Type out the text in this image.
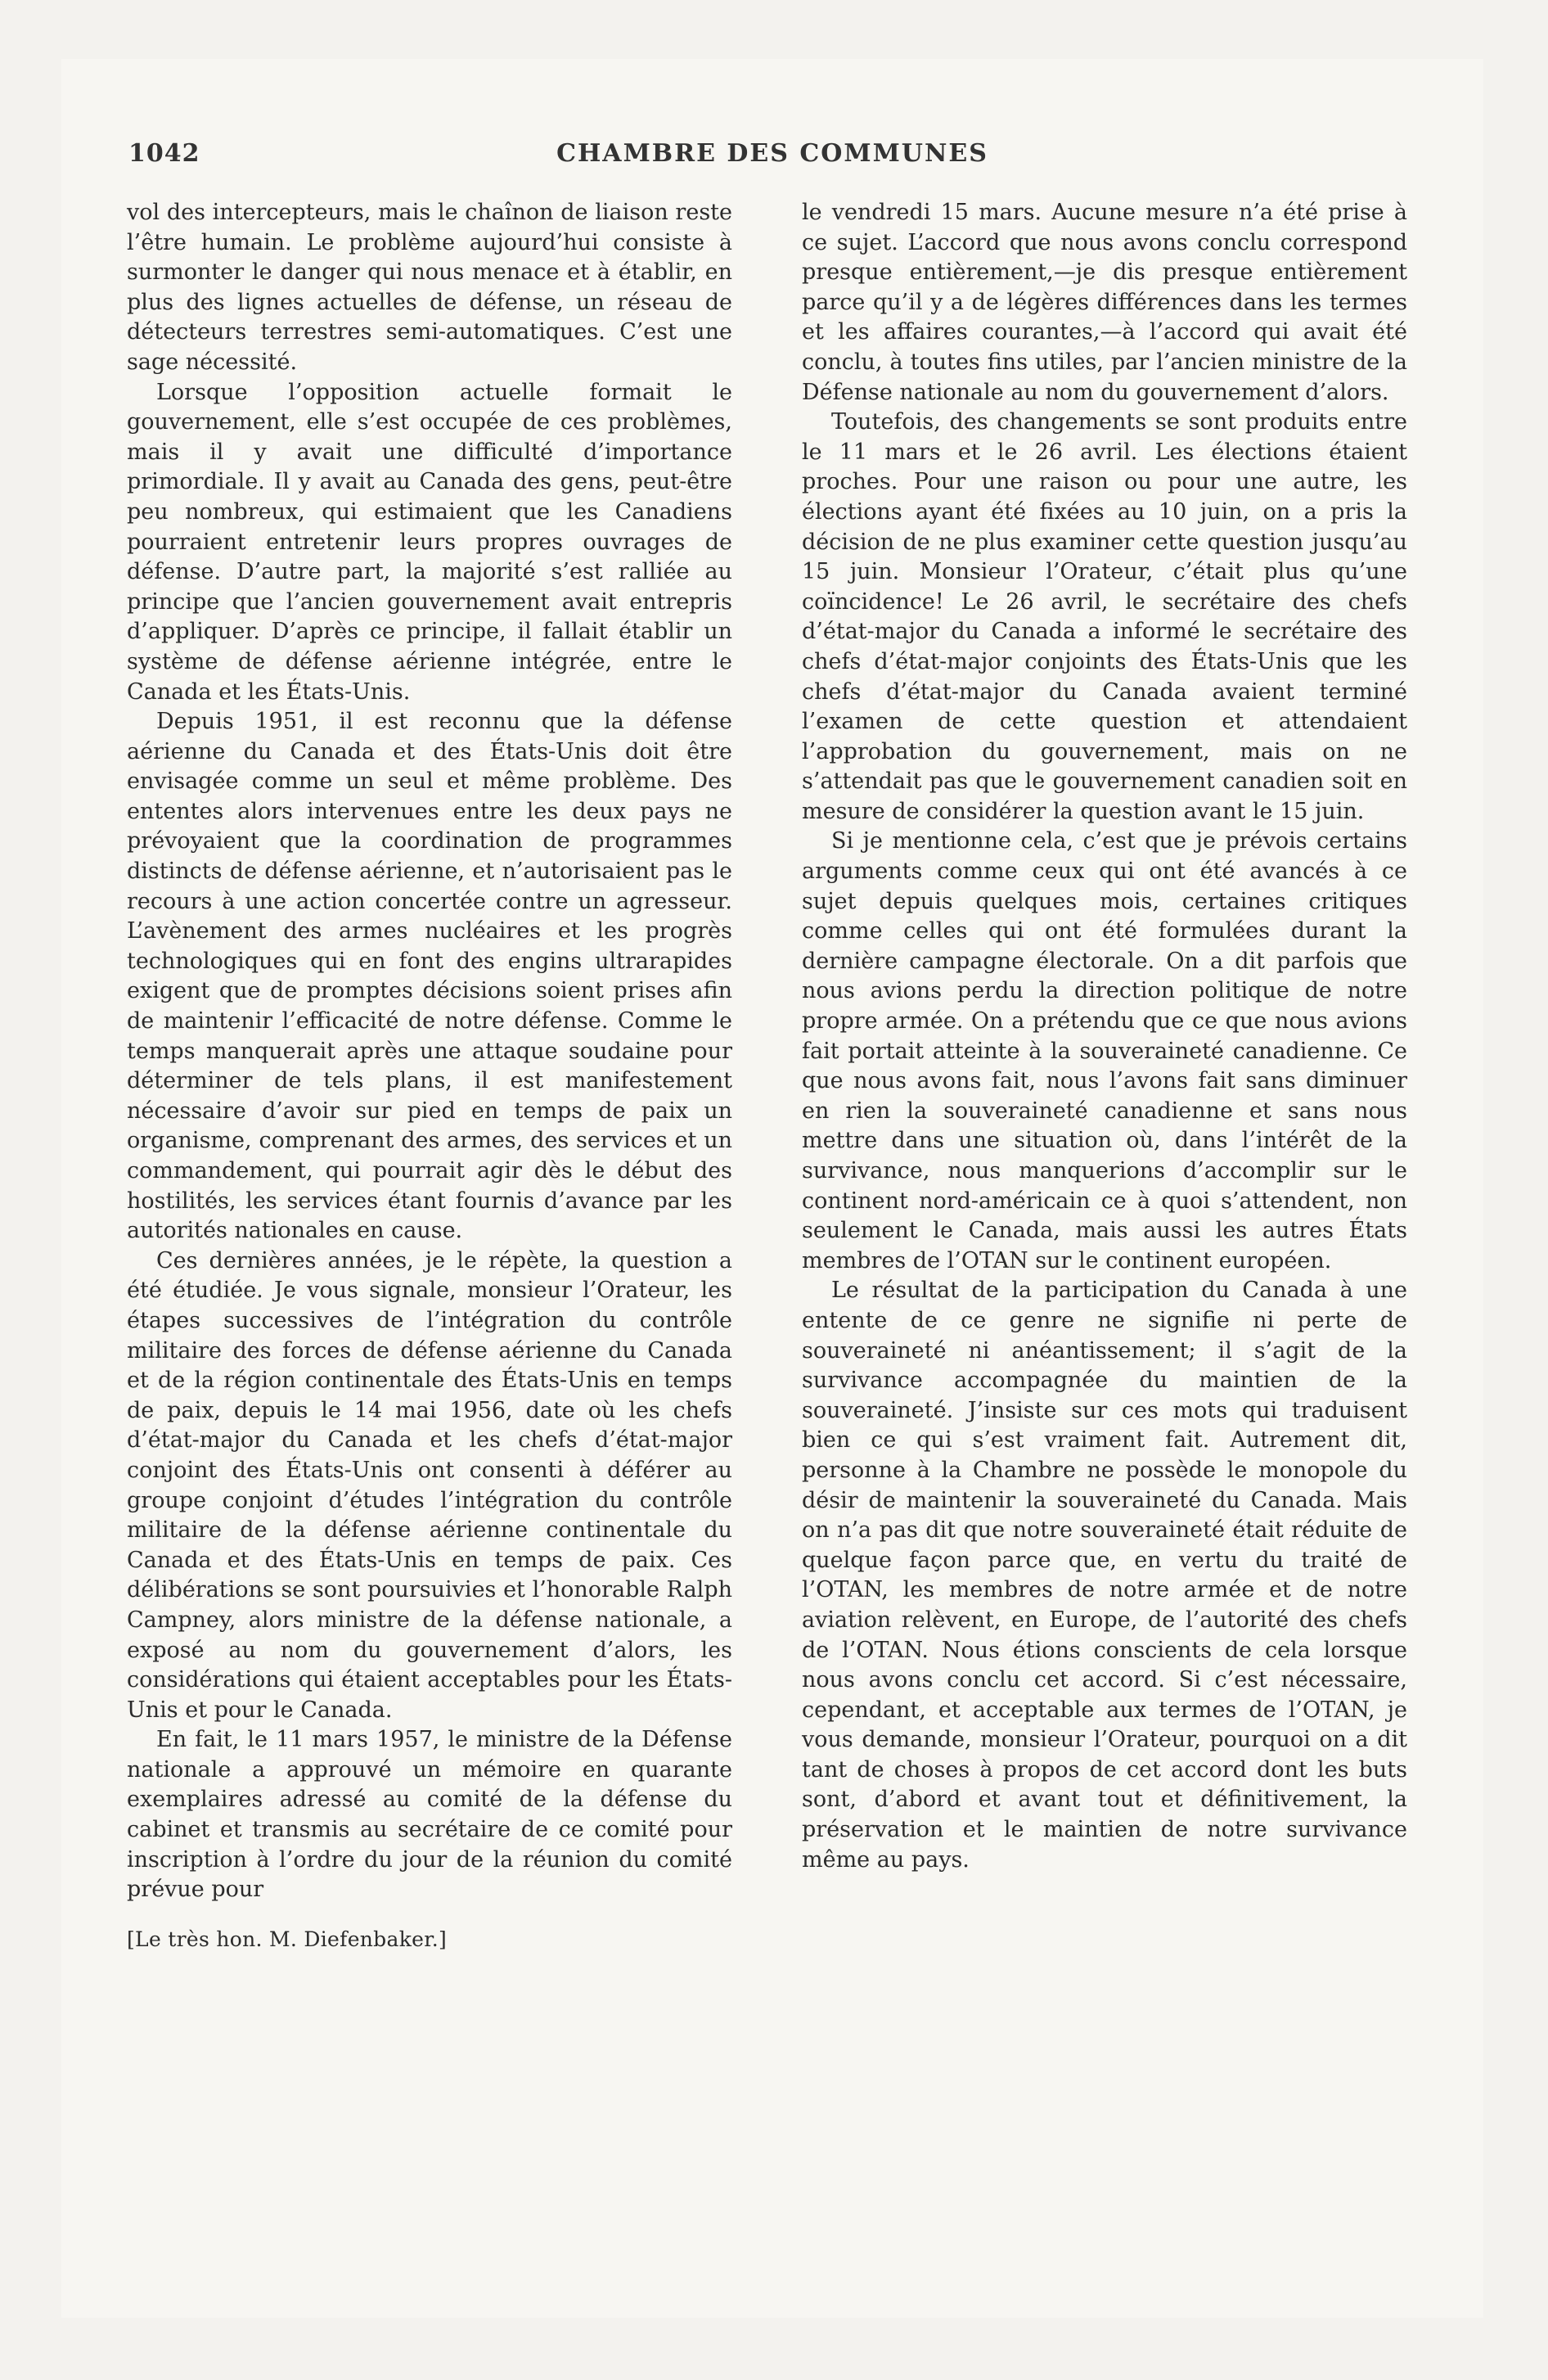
1042	CHAMBRE DES COMMUNES

vol des intercepteurs, mais le chaînon de liaison reste l’être humain. Le problème aujourd’hui consiste à surmonter le danger qui nous menace et à établir, en plus des lignes actuelles de défense, un réseau de détecteurs terrestres semi-automatiques. C’est une sage nécessité.

Lorsque l’opposition actuelle formait le gouvernement, elle s’est occupée de ces problèmes, mais il y avait une difficulté d’importance primordiale. Il y avait au Canada des gens, peut-être peu nombreux, qui estimaient que les Canadiens pourraient entretenir leurs propres ouvrages de défense. D’autre part, la majorité s’est ralliée au principe que l’ancien gouvernement avait entrepris d’appliquer. D’après ce principe, il fallait établir un système de défense aérienne intégrée, entre le Canada et les États-Unis.

Depuis 1951, il est reconnu que la défense aérienne du Canada et des États-Unis doit être envisagée comme un seul et même problème. Des ententes alors intervenues entre les deux pays ne prévoyaient que la coordination de programmes distincts de défense aérienne, et n’autorisaient pas le recours à une action concertée contre un agresseur. L’avènement des armes nucléaires et les progrès technologiques qui en font des engins ultrarapides exigent que de promptes décisions soient prises afin de maintenir l’efficacité de notre défense. Comme le temps manquerait après une attaque soudaine pour déterminer de tels plans, il est manifestement nécessaire d’avoir sur pied en temps de paix un organisme, comprenant des armes, des services et un commandement, qui pourrait agir dès le début des hostilités, les services étant fournis d’avance par les autorités nationales en cause.

Ces dernières années, je le répète, la question a été étudiée. Je vous signale, monsieur l’Orateur, les étapes successives de l’intégration du contrôle militaire des forces de défense aérienne du Canada et de la région continentale des États-Unis en temps de paix, depuis le 14 mai 1956, date où les chefs d’état-major du Canada et les chefs d’état-major conjoint des États-Unis ont consenti à déférer au groupe conjoint d’études l’intégration du contrôle militaire de la défense aérienne continentale du Canada et des États-Unis en temps de paix. Ces délibérations se sont poursuivies et l’honorable Ralph Campney, alors ministre de la défense nationale, a exposé au nom du gouvernement d’alors, les considérations qui étaient acceptables pour les États-Unis et pour le Canada.

En fait, le 11 mars 1957, le ministre de la Défense nationale a approuvé un mémoire en quarante exemplaires adressé au comité de la défense du cabinet et transmis au secrétaire de ce comité pour inscription à l’ordre du jour de la réunion du comité prévue pour

[Le très hon. M. Diefenbaker.]

le vendredi 15 mars. Aucune mesure n’a été prise à ce sujet. L’accord que nous avons conclu correspond presque entièrement,—je dis presque entièrement parce qu’il y a de légères différences dans les termes et les affaires courantes,—à l’accord qui avait été conclu, à toutes fins utiles, par l’ancien ministre de la Défense nationale au nom du gouvernement d’alors.

Toutefois, des changements se sont produits entre le 11 mars et le 26 avril. Les élections étaient proches. Pour une raison ou pour une autre, les élections ayant été fixées au 10 juin, on a pris la décision de ne plus examiner cette question jusqu’au 15 juin. Monsieur l’Orateur, c’était plus qu’une coïncidence! Le 26 avril, le secrétaire des chefs d’état-major du Canada a informé le secrétaire des chefs d’état-major conjoints des États-Unis que les chefs d’état-major du Canada avaient terminé l’examen de cette question et attendaient l’approbation du gouvernement, mais on ne s’attendait pas que le gouvernement canadien soit en mesure de considérer la question avant le 15 juin.

Si je mentionne cela, c’est que je prévois certains arguments comme ceux qui ont été avancés à ce sujet depuis quelques mois, certaines critiques comme celles qui ont été formulées durant la dernière campagne électorale. On a dit parfois que nous avions perdu la direction politique de notre propre armée. On a prétendu que ce que nous avions fait portait atteinte à la souveraineté canadienne. Ce que nous avons fait, nous l’avons fait sans diminuer en rien la souveraineté canadienne et sans nous mettre dans une situation où, dans l’intérêt de la survivance, nous manquerions d’accomplir sur le continent nord-américain ce à quoi s’attendent, non seulement le Canada, mais aussi les autres États membres de l’OTAN sur le continent européen.

Le résultat de la participation du Canada à une entente de ce genre ne signifie ni perte de souveraineté ni anéantissement; il s’agit de la survivance accompagnée du maintien de la souveraineté. J’insiste sur ces mots qui traduisent bien ce qui s’est vraiment fait. Autrement dit, personne à la Chambre ne possède le monopole du désir de maintenir la souveraineté du Canada. Mais on n’a pas dit que notre souveraineté était réduite de quelque façon parce que, en vertu du traité de l’OTAN, les membres de notre armée et de notre aviation relèvent, en Europe, de l’autorité des chefs de l’OTAN. Nous étions conscients de cela lorsque nous avons conclu cet accord. Si c’est nécessaire, cependant, et acceptable aux termes de l’OTAN, je vous demande, monsieur l’Orateur, pourquoi on a dit tant de choses à propos de cet accord dont les buts sont, d’abord et avant tout et définitivement, la préservation et le maintien de notre survivance même au pays.
